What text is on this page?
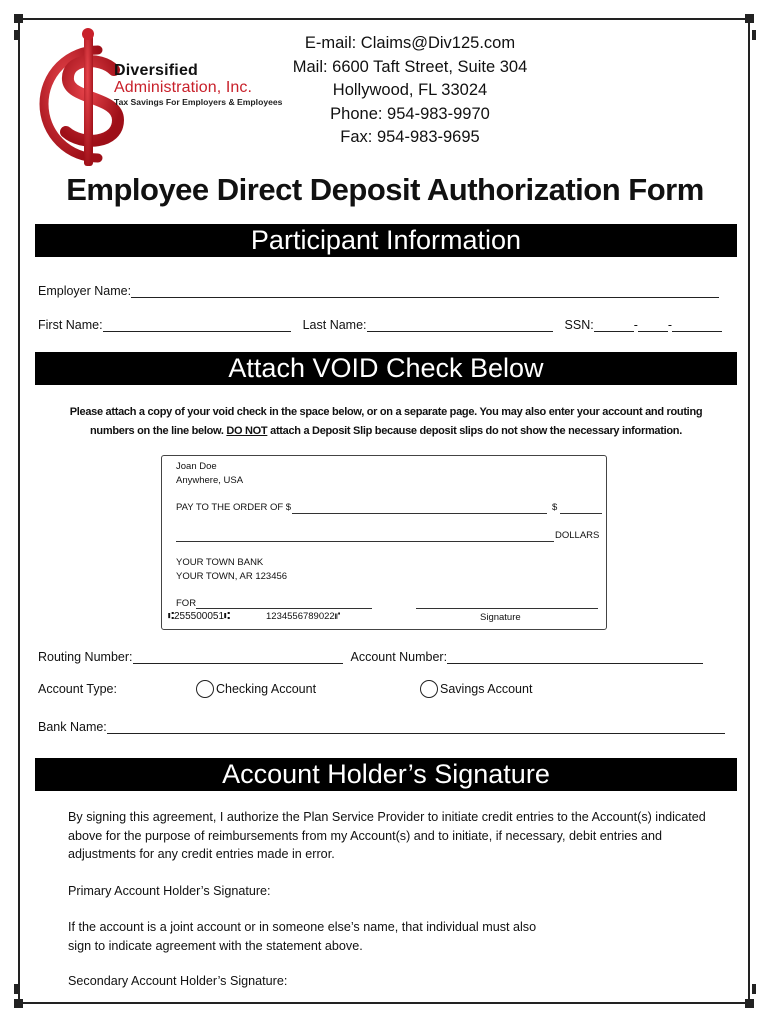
Diversified
Administration, Inc.
Tax Savings For Employers & Employees
E-mail: Claims@Div125.com
Mail: 6600 Taft Street, Suite 304
Hollywood, FL 33024
Phone: 954-983-9970
Fax: 954-983-9695
Employee Direct Deposit Authorization Form
Participant Information
Employer Name:
First Name:	Last Name:	SSN:	- -
Attach VOID Check Below
Please attach a copy of your void check in the space below, or on a separate page. You may also enter your account and routing numbers on the line below. DO NOT attach a Deposit Slip because deposit slips do not show the necessary information.
Joan Doe
Anywhere, USA
PAY TO THE ORDER OF $	$
DOLLARS
YOUR TOWN BANK
YOUR TOWN, AR 123456
FOR
⑆255500051⑆	1234556789022⑈	Signature
Routing Number:	Account Number:
Account Type:	Checking Account	Savings Account
Bank Name:
Account Holder’s Signature
By signing this agreement, I authorize the Plan Service Provider to initiate credit entries to the Account(s) indicated above for the purpose of reimbursements from my Account(s) and to initiate, if necessary, debit entries and adjustments for any credit entries made in error.
Primary Account Holder’s Signature:
If the account is a joint account or in someone else’s name, that individual must also sign to indicate agreement with the statement above.
Secondary Account Holder’s Signature:
